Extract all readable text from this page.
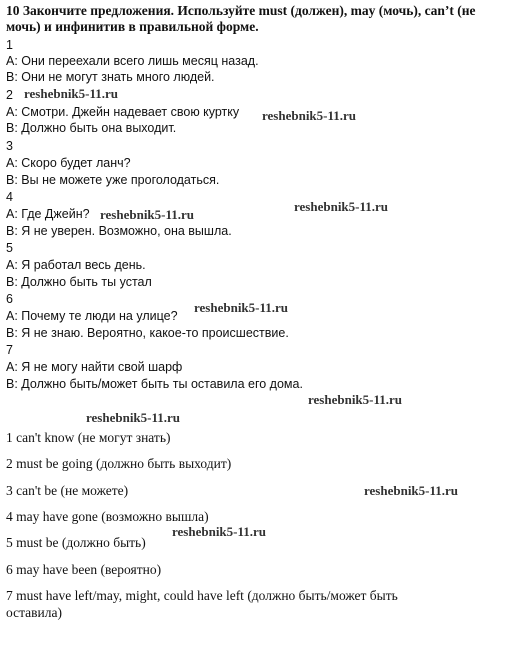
10 Закончите предложения. Используйте must (должен), may (мочь), can’t (не мочь) и инфинитив в правильной форме.
1
A: Они переехали всего лишь месяц назад.
B: Они не могут знать много людей.
2
A: Смотри. Джейн надевает свою куртку
B: Должно быть она выходит.
3
A: Скоро будет ланч?
B: Вы не можете уже проголодаться.
4
A: Где Джейн?
B: Я не уверен. Возможно, она вышла.
5
A: Я работал весь день.
B: Должно быть ты устал
6
A: Почему те люди на улице?
B: Я не знаю. Вероятно, какое-то происшествие.
7
A: Я не могу найти свой шарф
B: Должно быть/может быть ты оставила его дома.
1 can't know (не могут знать)
2 must be going (должно быть выходит)
3 can't be (не можете)
4 may have gone (возможно вышла)
5 must be (должно быть)
6 may have been (вероятно)
7 must have left/may, might, could have left (должно быть/может быть оставила)
reshebnik5-11.ru
reshebnik5-11.ru
reshebnik5-11.ru
reshebnik5-11.ru
reshebnik5-11.ru
reshebnik5-11.ru
reshebnik5-11.ru
reshebnik5-11.ru
reshebnik5-11.ru
